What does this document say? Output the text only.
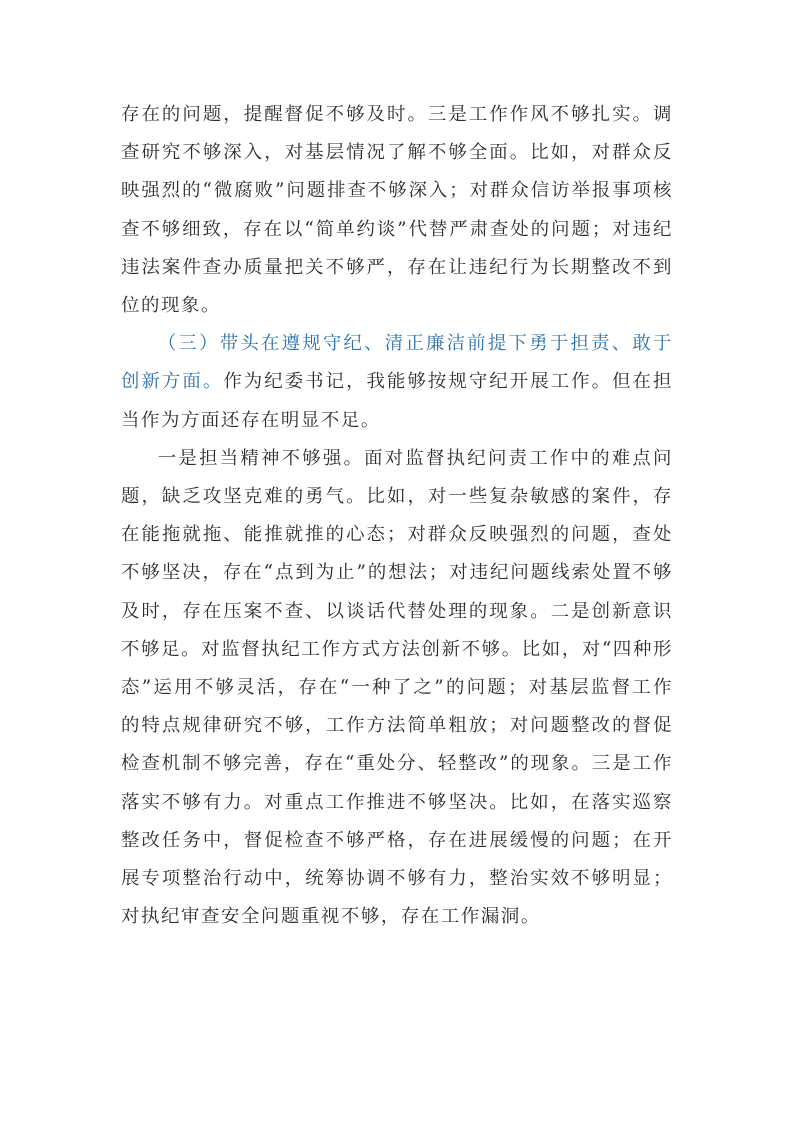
存在的问题，提醒督促不够及时。三是工作作风不够扎实。调查研究不够深入，对基层情况了解不够全面。比如，对群众反映强烈的“微腐败”问题排查不够深入；对群众信访举报事项核查不够细致，存在以“简单约谈”代替严肃查处的问题；对违纪违法案件查办质量把关不够严，存在让违纪行为长期整改不到位的现象。

（三）带头在遵规守纪、清正廉洁前提下勇于担责、敢于创新方面。作为纪委书记，我能够按规守纪开展工作。但在担当作为方面还存在明显不足。

一是担当精神不够强。面对监督执纪问责工作中的难点问题，缺乏攻坚克难的勇气。比如，对一些复杂敏感的案件，存在能拖就拖、能推就推的心态；对群众反映强烈的问题，查处不够坚决，存在“点到为止”的想法；对违纪问题线索处置不够及时，存在压案不查、以谈话代替处理的现象。二是创新意识不够足。对监督执纪工作方式方法创新不够。比如，对“四种形态”运用不够灵活，存在“一种了之”的问题；对基层监督工作的特点规律研究不够，工作方法简单粗放；对问题整改的督促检查机制不够完善，存在“重处分、轻整改”的现象。三是工作落实不够有力。对重点工作推进不够坚决。比如，在落实巡察整改任务中，督促检查不够严格，存在进展缓慢的问题；在开展专项整治行动中，统筹协调不够有力，整治实效不够明显；对执纪审查安全问题重视不够，存在工作漏洞。
